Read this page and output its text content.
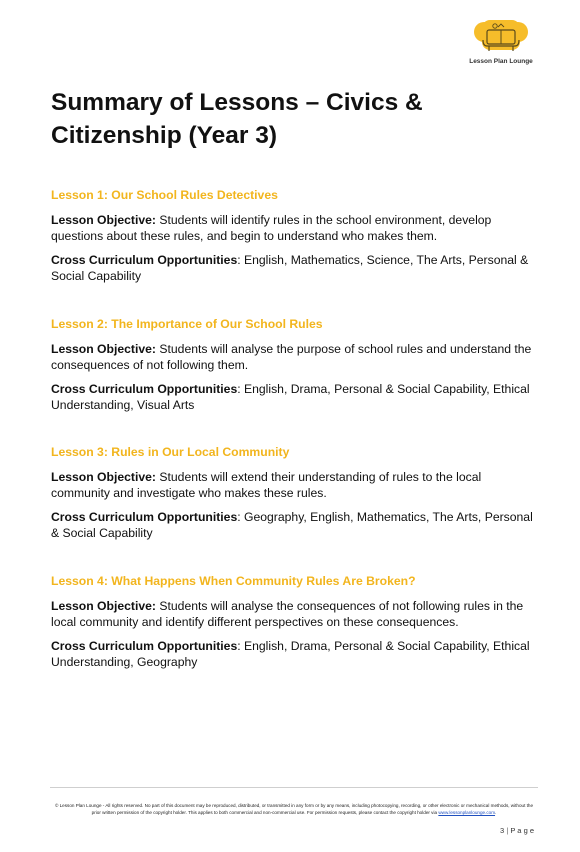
Lesson Plan Lounge
Summary of Lessons – Civics & Citizenship (Year 3)
Lesson 1: Our School Rules Detectives

Lesson Objective: Students will identify rules in the school environment, develop questions about these rules, and begin to understand who makes them.

Cross Curriculum Opportunities: English, Mathematics, Science, The Arts, Personal & Social Capability

Lesson 2: The Importance of Our School Rules

Lesson Objective: Students will analyse the purpose of school rules and understand the consequences of not following them.

Cross Curriculum Opportunities: English, Drama, Personal & Social Capability, Ethical Understanding, Visual Arts

Lesson 3: Rules in Our Local Community

Lesson Objective: Students will extend their understanding of rules to the local community and investigate who makes these rules.

Cross Curriculum Opportunities: Geography, English, Mathematics, The Arts, Personal & Social Capability

Lesson 4: What Happens When Community Rules Are Broken?

Lesson Objective: Students will analyse the consequences of not following rules in the local community and identify different perspectives on these consequences.

Cross Curriculum Opportunities: English, Drama, Personal & Social Capability, Ethical Understanding, Geography

© Lesson Plan Lounge - All rights reserved. No part of this document may be reproduced, distributed, or transmitted in any form or by any means, including photocopying, recording, or other electronic or mechanical methods, without the prior written permission of the copyright holder. This applies to both commercial and non-commercial use. For permission requests, please contact the copyright holder via www.lessonplanlounge.com.
3 | P a g e
